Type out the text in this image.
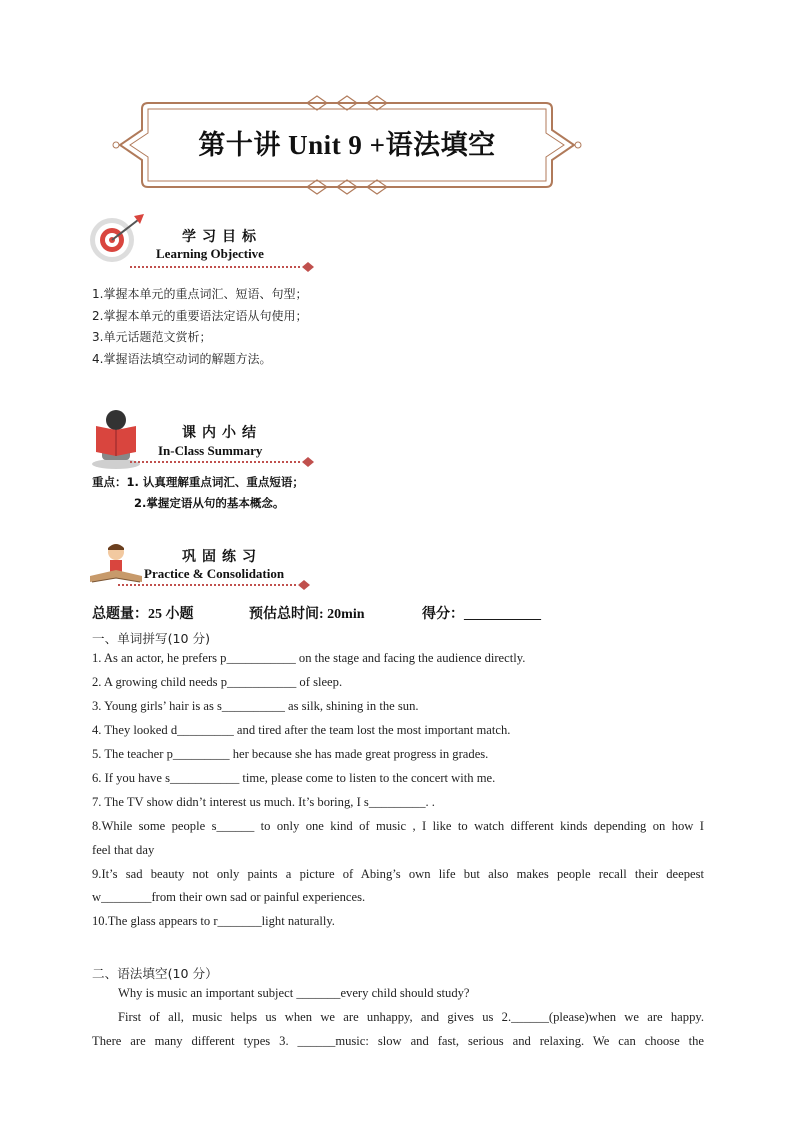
第十讲 Unit 9 +语法填空
学习目标
Learning Objective
1.掌握本单元的重点词汇、短语、句型；
2.掌握本单元的重要语法定语从句使用；
3.单元话题范文赏析；
4.掌握语法填空动词的解题方法。
课内小结
In-Class Summary
重点：1. 认真理解重点词汇、重点短语；
2.掌握定语从句的基本概念。
巩固练习
Practice & Consolidation
总题量：25 小题	预估总时间: 20min	得分：___________
一、单词拼写(10 分)
1. As an actor, he prefers p___________ on the stage and facing the audience directly.
2. A growing child needs p___________ of sleep.
3. Young girls’ hair is as s__________ as silk, shining in the sun.
4. They looked d_________ and tired after the team lost the most important match.
5. The teacher p_________ her because she has made great progress in grades.
6. If you have s___________ time, please come to listen to the concert with me.
7. The TV show didn’t interest us much. It’s boring, I s_________. .
8.While some people s______ to only one kind of music , I like to watch different kinds depending on how I
feel that day
9.It’s sad beauty not only paints a picture of Abing’s own life but also makes people recall their deepest
w________from their own sad or painful experiences.
10.The glass appears to r_______light naturally.
二、语法填空(10 分）
Why is music an important subject _______every child should study?
First of all, music helps us when we are unhappy, and gives us 2.______(please)when we are happy.
There are many different types 3. ______music: slow and fast, serious and relaxing. We can choose the
